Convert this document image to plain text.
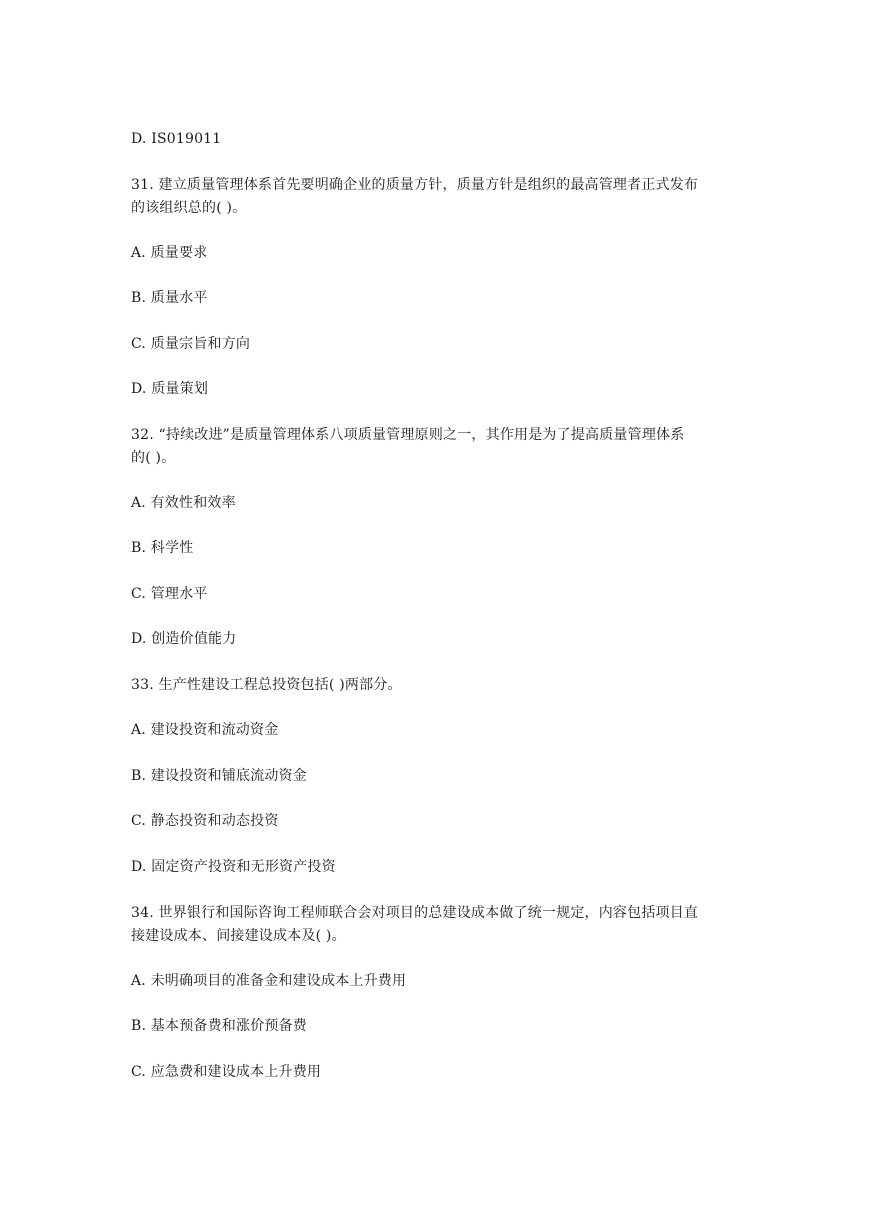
D. IS019011
31. 建立质量管理体系首先要明确企业的质量方针，质量方针是组织的最高管理者正式发布
的该组织总的( )。
A. 质量要求
B. 质量水平
C. 质量宗旨和方向
D. 质量策划
32. “持续改进”是质量管理体系八项质量管理原则之一，其作用是为了提高质量管理体系
的( )。
A. 有效性和效率
B. 科学性
C. 管理水平
D. 创造价值能力
33. 生产性建设工程总投资包括( )两部分。
A. 建设投资和流动资金
B. 建设投资和铺底流动资金
C. 静态投资和动态投资
D. 固定资产投资和无形资产投资
34. 世界银行和国际咨询工程师联合会对项目的总建设成本做了统一规定，内容包括项目直
接建设成本、间接建设成本及( )。
A. 未明确项目的准备金和建设成本上升费用
B. 基本预备费和涨价预备费
C. 应急费和建设成本上升费用
